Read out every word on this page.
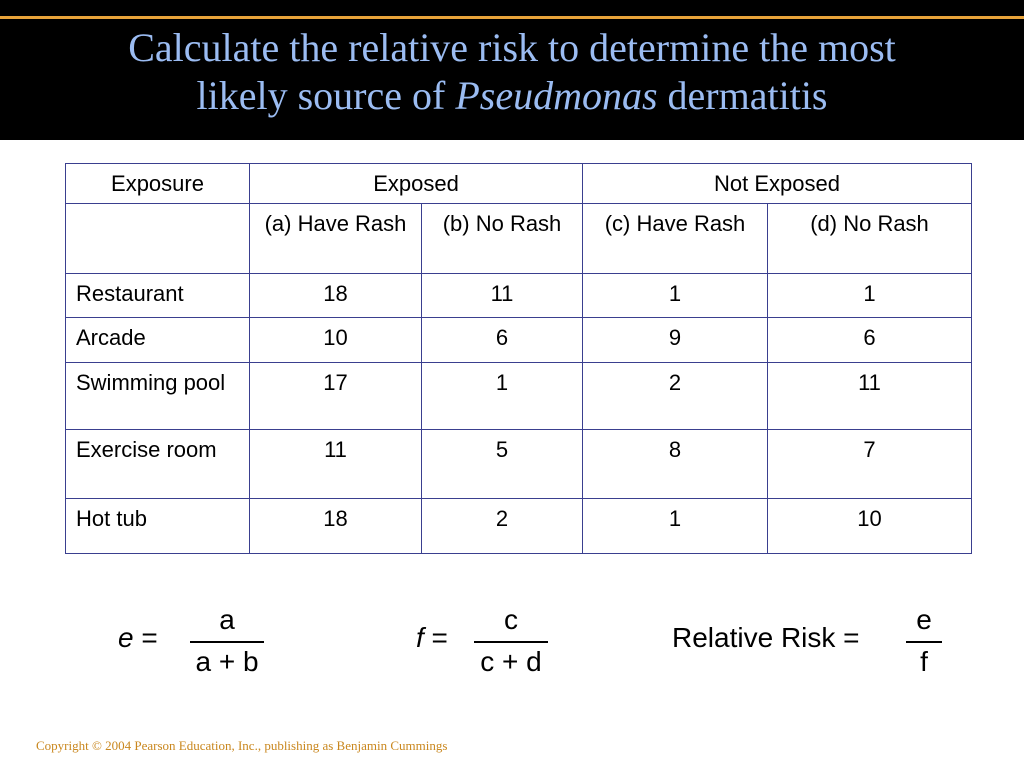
Calculate the relative risk to determine the most
likely source of Pseudmonas dermatitis
Exposure	Exposed		Not Exposed	
	(a) Have Rash	(b) No Rash	(c) Have Rash	(d) No Rash
Restaurant	18	11	1	1
Arcade	10	6	9	6
Swimming pool	17	1	2	11
Exercise room	11	5	8	7
Hot tub	18	2	1	10
e =
a
a + b
f =
c
c + d
Relative Risk =
e
f
Copyright © 2004 Pearson Education, Inc., publishing as Benjamin Cummings
